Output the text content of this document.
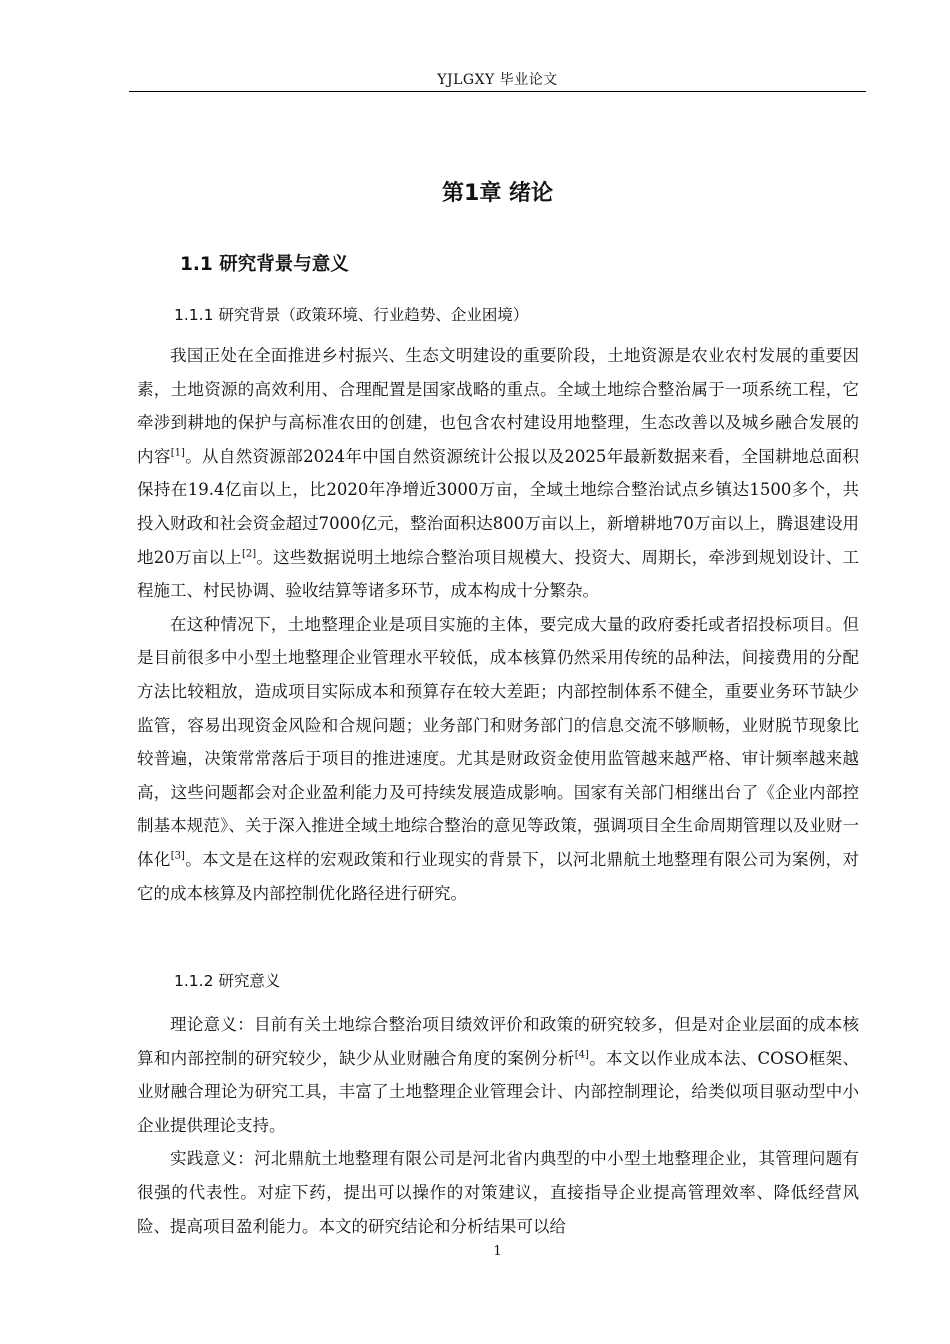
YJLGXY 毕业论文
第1章 绪论
1.1 研究背景与意义
1.1.1 研究背景（政策环境、行业趋势、企业困境）

我国正处在全面推进乡村振兴、生态文明建设的重要阶段，土地资源是农业农村发展的重要因素，土地资源的高效利用、合理配置是国家战略的重点。全域土地综合整治属于一项系统工程，它牵涉到耕地的保护与高标准农田的创建，也包含农村建设用地整理，生态改善以及城乡融合发展的内容[1]。从自然资源部2024年中国自然资源统计公报以及2025年最新数据来看，全国耕地总面积保持在19.4亿亩以上，比2020年净增近3000万亩，全域土地综合整治试点乡镇达1500多个，共投入财政和社会资金超过7000亿元，整治面积达800万亩以上，新增耕地70万亩以上，腾退建设用地20万亩以上[2]。这些数据说明土地综合整治项目规模大、投资大、周期长，牵涉到规划设计、工程施工、村民协调、验收结算等诸多环节，成本构成十分繁杂。

在这种情况下，土地整理企业是项目实施的主体，要完成大量的政府委托或者招投标项目。但是目前很多中小型土地整理企业管理水平较低，成本核算仍然采用传统的品种法，间接费用的分配方法比较粗放，造成项目实际成本和预算存在较大差距；内部控制体系不健全，重要业务环节缺少监管，容易出现资金风险和合规问题；业务部门和财务部门的信息交流不够顺畅，业财脱节现象比较普遍，决策常常落后于项目的推进速度。尤其是财政资金使用监管越来越严格、审计频率越来越高，这些问题都会对企业盈利能力及可持续发展造成影响。国家有关部门相继出台了《企业内部控制基本规范》、关于深入推进全域土地综合整治的意见等政策，强调项目全生命周期管理以及业财一体化[3]。本文是在这样的宏观政策和行业现实的背景下，以河北鼎航土地整理有限公司为案例，对它的成本核算及内部控制优化路径进行研究。

1.1.2 研究意义

理论意义：目前有关土地综合整治项目绩效评价和政策的研究较多，但是对企业层面的成本核算和内部控制的研究较少，缺少从业财融合角度的案例分析[4]。本文以作业成本法、COSO框架、业财融合理论为研究工具，丰富了土地整理企业管理会计、内部控制理论，给类似项目驱动型中小企业提供理论支持。

实践意义：河北鼎航土地整理有限公司是河北省内典型的中小型土地整理企业，其管理问题有很强的代表性。对症下药，提出可以操作的对策建议，直接指导企业提高管理效率、降低经营风险、提高项目盈利能力。本文的研究结论和分析结果可以给

1
